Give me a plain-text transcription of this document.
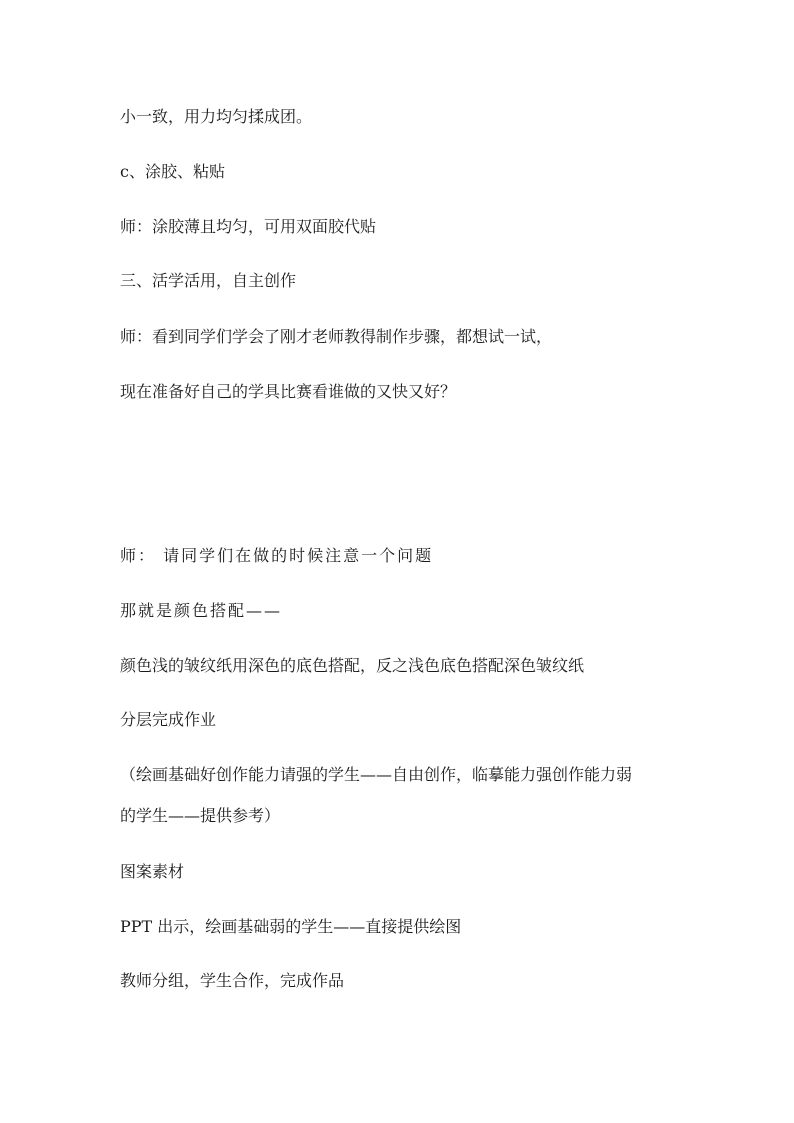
小一致，用力均匀揉成团。
c、涂胶、粘贴
师：涂胶薄且均匀，可用双面胶代贴
三、活学活用，自主创作
师：看到同学们学会了刚才老师教得制作步骤，都想试一试，
现在准备好自己的学具比赛看谁做的又快又好？
师： 请同学们在做的时候注意一个问题
那就是颜色搭配——
颜色浅的皱纹纸用深色的底色搭配，反之浅色底色搭配深色皱纹纸
分层完成作业
（绘画基础好创作能力请强的学生——自由创作，临摹能力强创作能力弱
的学生——提供参考）
图案素材
PPT 出示，绘画基础弱的学生——直接提供绘图
教师分组，学生合作，完成作品
